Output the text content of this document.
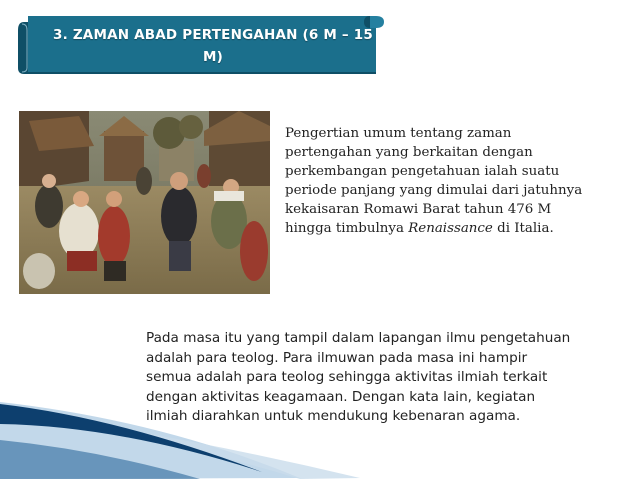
3. ZAMAN ABAD PERTENGAHAN (6 M – 15 M)
Pengertian umum tentang zaman pertengahan yang berkaitan dengan perkembangan pengetahuan ialah suatu periode panjang yang dimulai dari jatuhnya kekaisaran Romawi Barat tahun 476 M hingga timbulnya Renaissance di Italia.
Pada masa itu yang tampil dalam lapangan ilmu pengetahuan adalah para teolog. Para ilmuwan pada masa ini hampir semua adalah para teolog sehingga aktivitas ilmiah terkait dengan aktivitas keagamaan. Dengan kata lain, kegiatan ilmiah diarahkan untuk mendukung kebenaran agama.
